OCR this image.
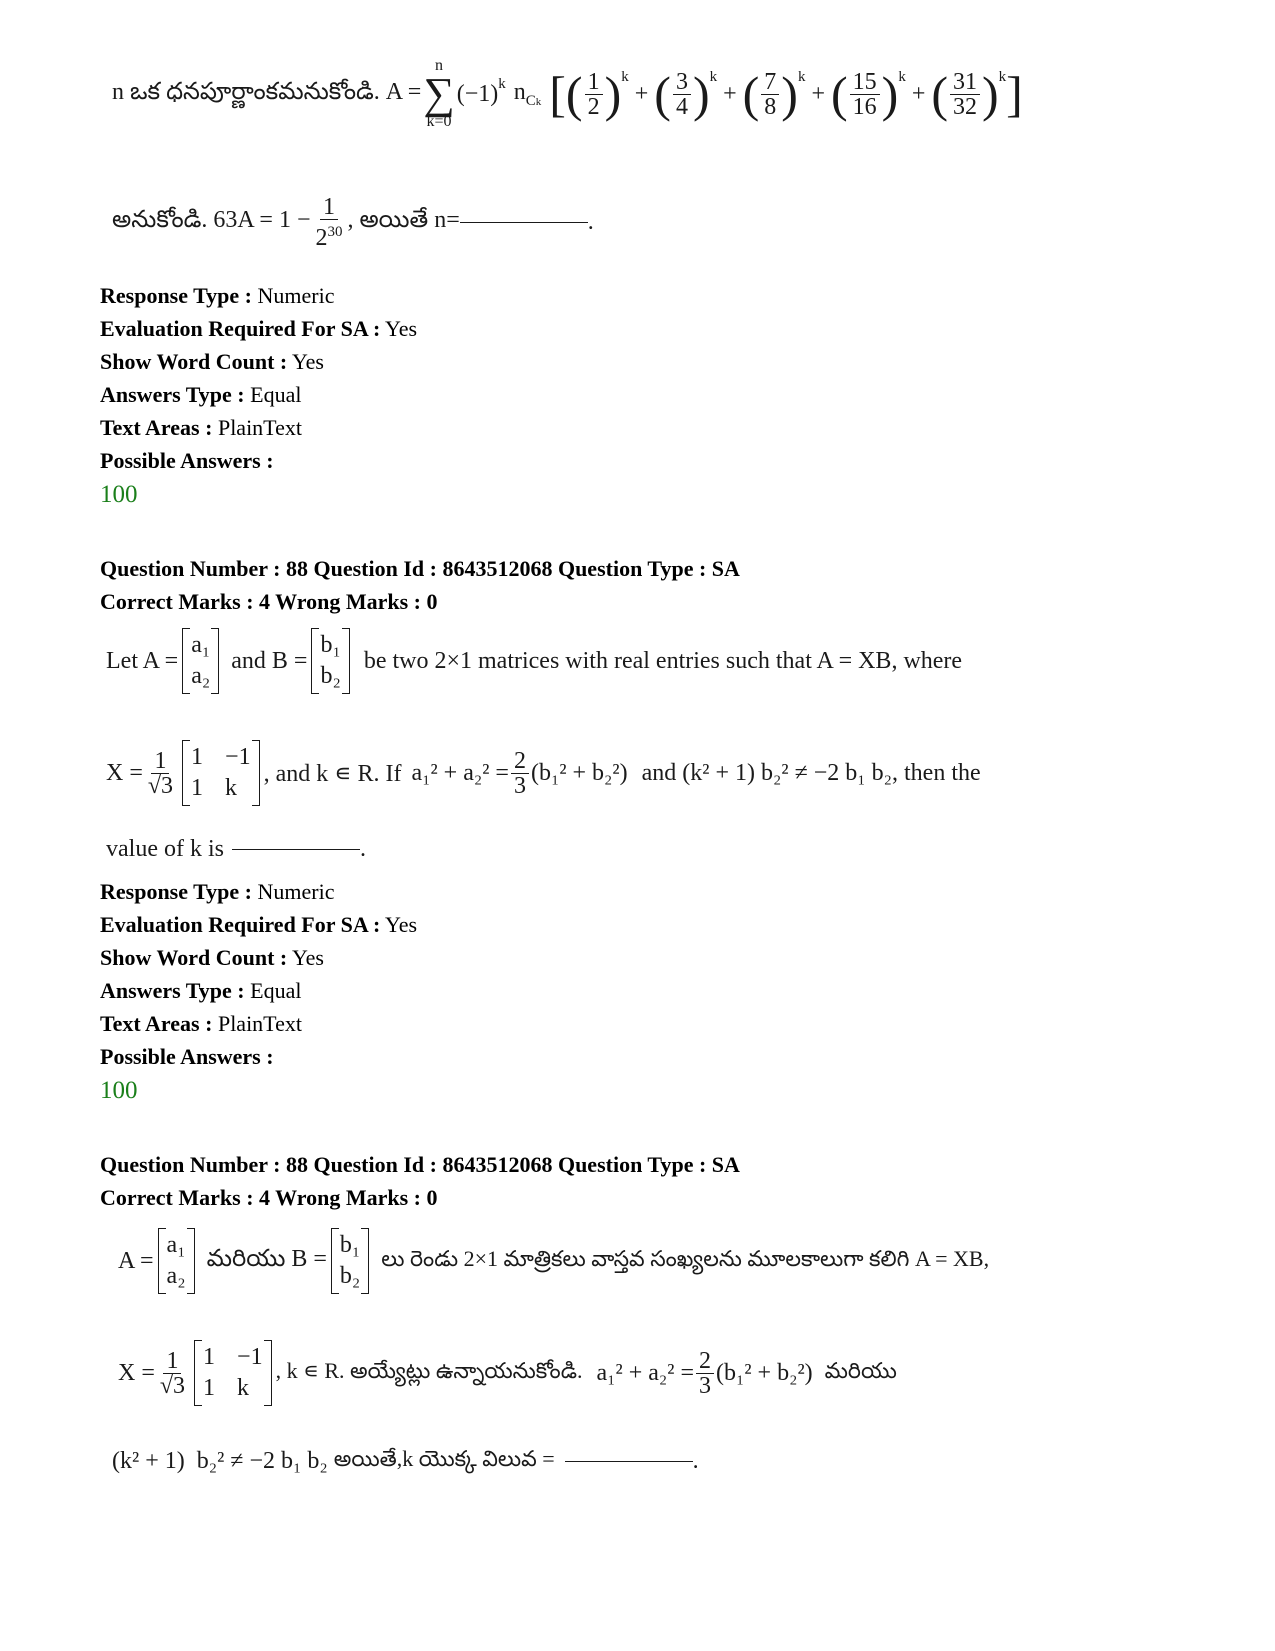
n ఒక ధనపూర్ణాంకమనుకోండి. A =
n
∑
k=0
$(-1)^k$ $n_{Ck}$ [ ( $\frac{1}{2} )^k$
+ ( $\frac{3}{4} )^k$
+ ( $\frac{7}{8} )^k$
+ ( $\frac{15}{16} )^k$
+ ( $\frac{31}{32} )^k$ ]
అనుకోండి. $63A = 1 - \frac{1}{2^{30}}$ , అయితే n=	.
Response Type : Numeric
Evaluation Required For SA : Yes
Show Word Count : Yes
Answers Type : Equal
Text Areas : PlainText
Possible Answers :
100
Question Number : 88 Question Id : 8643512068 Question Type : SA
Correct Marks : 4 Wrong Marks : 0
Let A =
a₁
a₂
and B =
b₁
b₂
be two 2×1 matrices with real entries such that A = XB, where
$X = \frac{1}{√3} 1 -1$
1 k
, and k ∊ R. If $a_1^2 + a_2^2 = \frac{2}{3} (b_1^2 + b_2^2)$ and (k² + 1) b₂² ≠ −2 b₁ b₂, then the
value of k is	.
Response Type : Numeric
Evaluation Required For SA : Yes
Show Word Count : Yes
Answers Type : Equal
Text Areas : PlainText
Possible Answers :
100
Question Number : 88 Question Id : 8643512068 Question Type : SA
Correct Marks : 4 Wrong Marks : 0
A =
a₁
a₂
మరియు B =
b₁
b₂
లు రెండు 2×1 మాత్రికలు వాస్తవ సంఖ్యలను మూలకాలుగా కలిగి A = XB,
$X = \frac{1}{√3} 1 -1$
1 k
, k ∊ R. అయ్యేట్లు ఉన్నాయనుకోండి. $a_1^2 + a_2^2 = \frac{2}{3} (b_1^2 + b_2^2)$ మరియు
(k² + 1) b₂² ≠ −2 b₁ b₂ అయితే,k యొక్క విలువ =	.
